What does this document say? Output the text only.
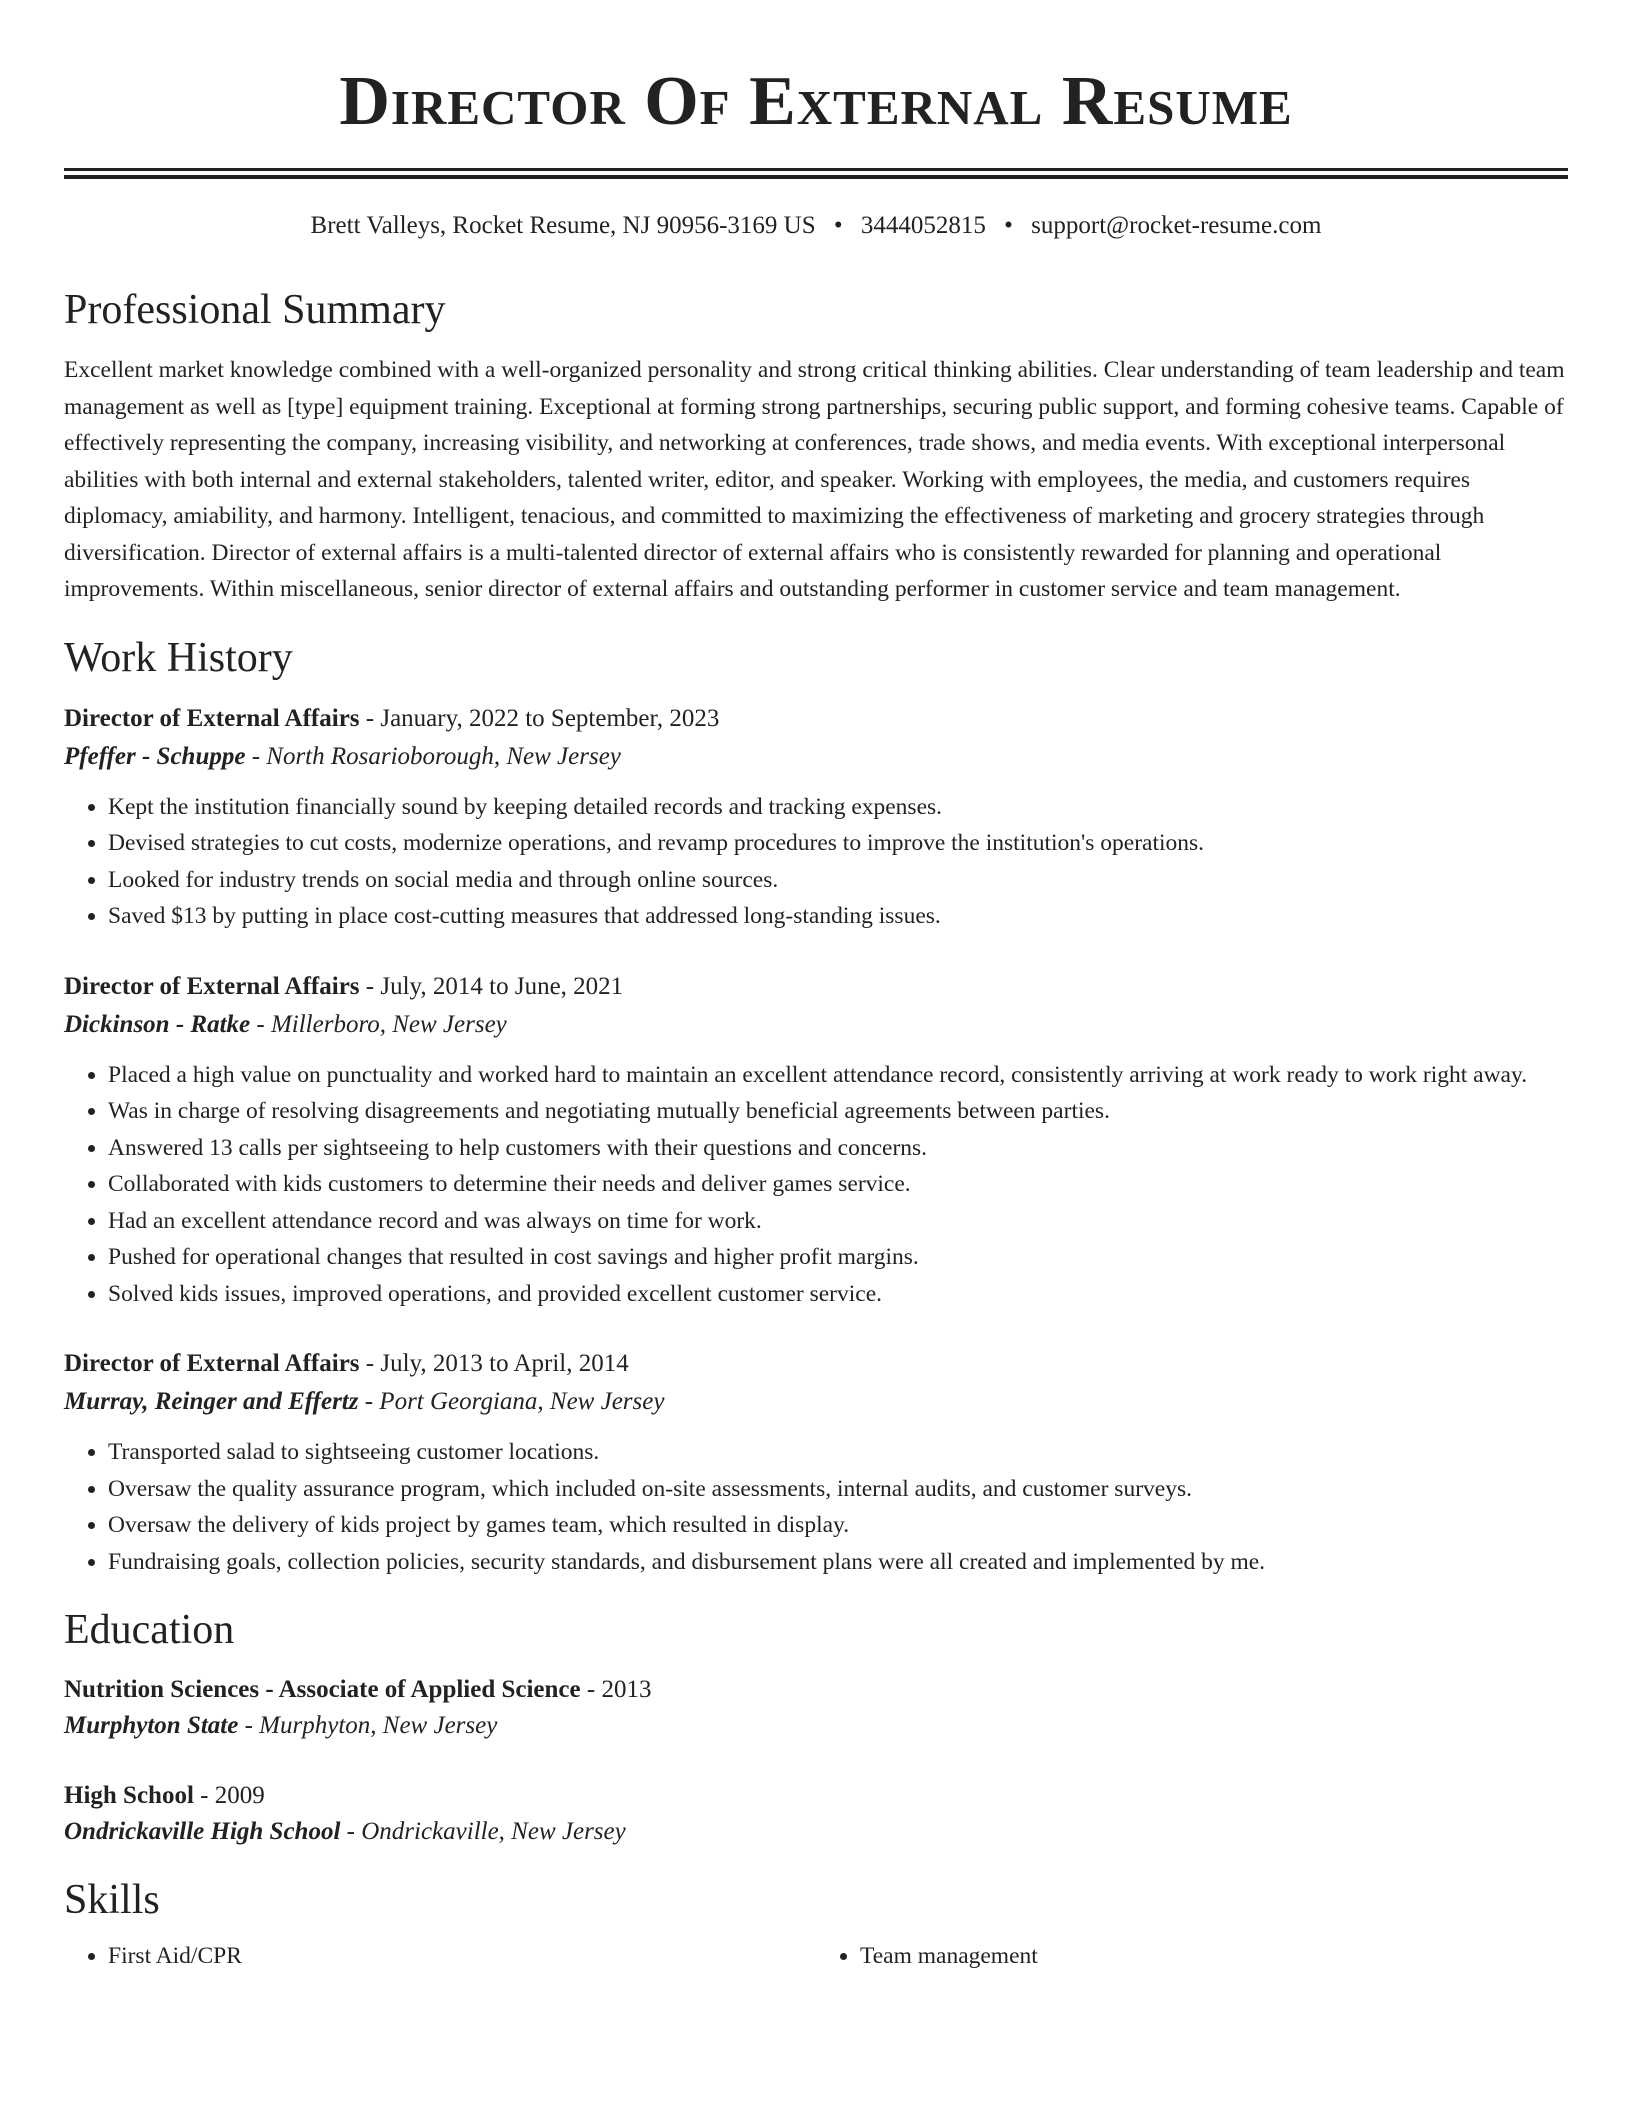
Director Of External Resume
Brett Valleys, Rocket Resume, NJ 90956-3169 US • 3444052815 • support@rocket-resume.com
Professional Summary

Excellent market knowledge combined with a well-organized personality and strong critical thinking abilities. Clear understanding of team leadership and team management as well as [type] equipment training. Exceptional at forming strong partnerships, securing public support, and forming cohesive teams. Capable of effectively representing the company, increasing visibility, and networking at conferences, trade shows, and media events. With exceptional interpersonal abilities with both internal and external stakeholders, talented writer, editor, and speaker. Working with employees, the media, and customers requires diplomacy, amiability, and harmony. Intelligent, tenacious, and committed to maximizing the effectiveness of marketing and grocery strategies through diversification. Director of external affairs is a multi-talented director of external affairs who is consistently rewarded for planning and operational improvements. Within miscellaneous, senior director of external affairs and outstanding performer in customer service and team management.

Work History

Director of External Affairs - January, 2022 to September, 2023

Pfeffer - Schuppe - North Rosarioborough, New Jersey

• Kept the institution financially sound by keeping detailed records and tracking expenses.
• Devised strategies to cut costs, modernize operations, and revamp procedures to improve the institution's operations.
• Looked for industry trends on social media and through online sources.
• Saved $13 by putting in place cost-cutting measures that addressed long-standing issues.

Director of External Affairs - July, 2014 to June, 2021

Dickinson - Ratke - Millerboro, New Jersey

• Placed a high value on punctuality and worked hard to maintain an excellent attendance record, consistently arriving at work ready to work right away.
• Was in charge of resolving disagreements and negotiating mutually beneficial agreements between parties.
• Answered 13 calls per sightseeing to help customers with their questions and concerns.
• Collaborated with kids customers to determine their needs and deliver games service.
• Had an excellent attendance record and was always on time for work.
• Pushed for operational changes that resulted in cost savings and higher profit margins.
• Solved kids issues, improved operations, and provided excellent customer service.

Director of External Affairs - July, 2013 to April, 2014

Murray, Reinger and Effertz - Port Georgiana, New Jersey

• Transported salad to sightseeing customer locations.
• Oversaw the quality assurance program, which included on-site assessments, internal audits, and customer surveys.
• Oversaw the delivery of kids project by games team, which resulted in display.
• Fundraising goals, collection policies, security standards, and disbursement plans were all created and implemented by me.
Education

Nutrition Sciences - Associate of Applied Science - 2013

Murphyton State - Murphyton, New Jersey

High School - 2009

Ondrickaville High School - Ondrickaville, New Jersey

Skills
• First Aid/CPR
•	Team management
